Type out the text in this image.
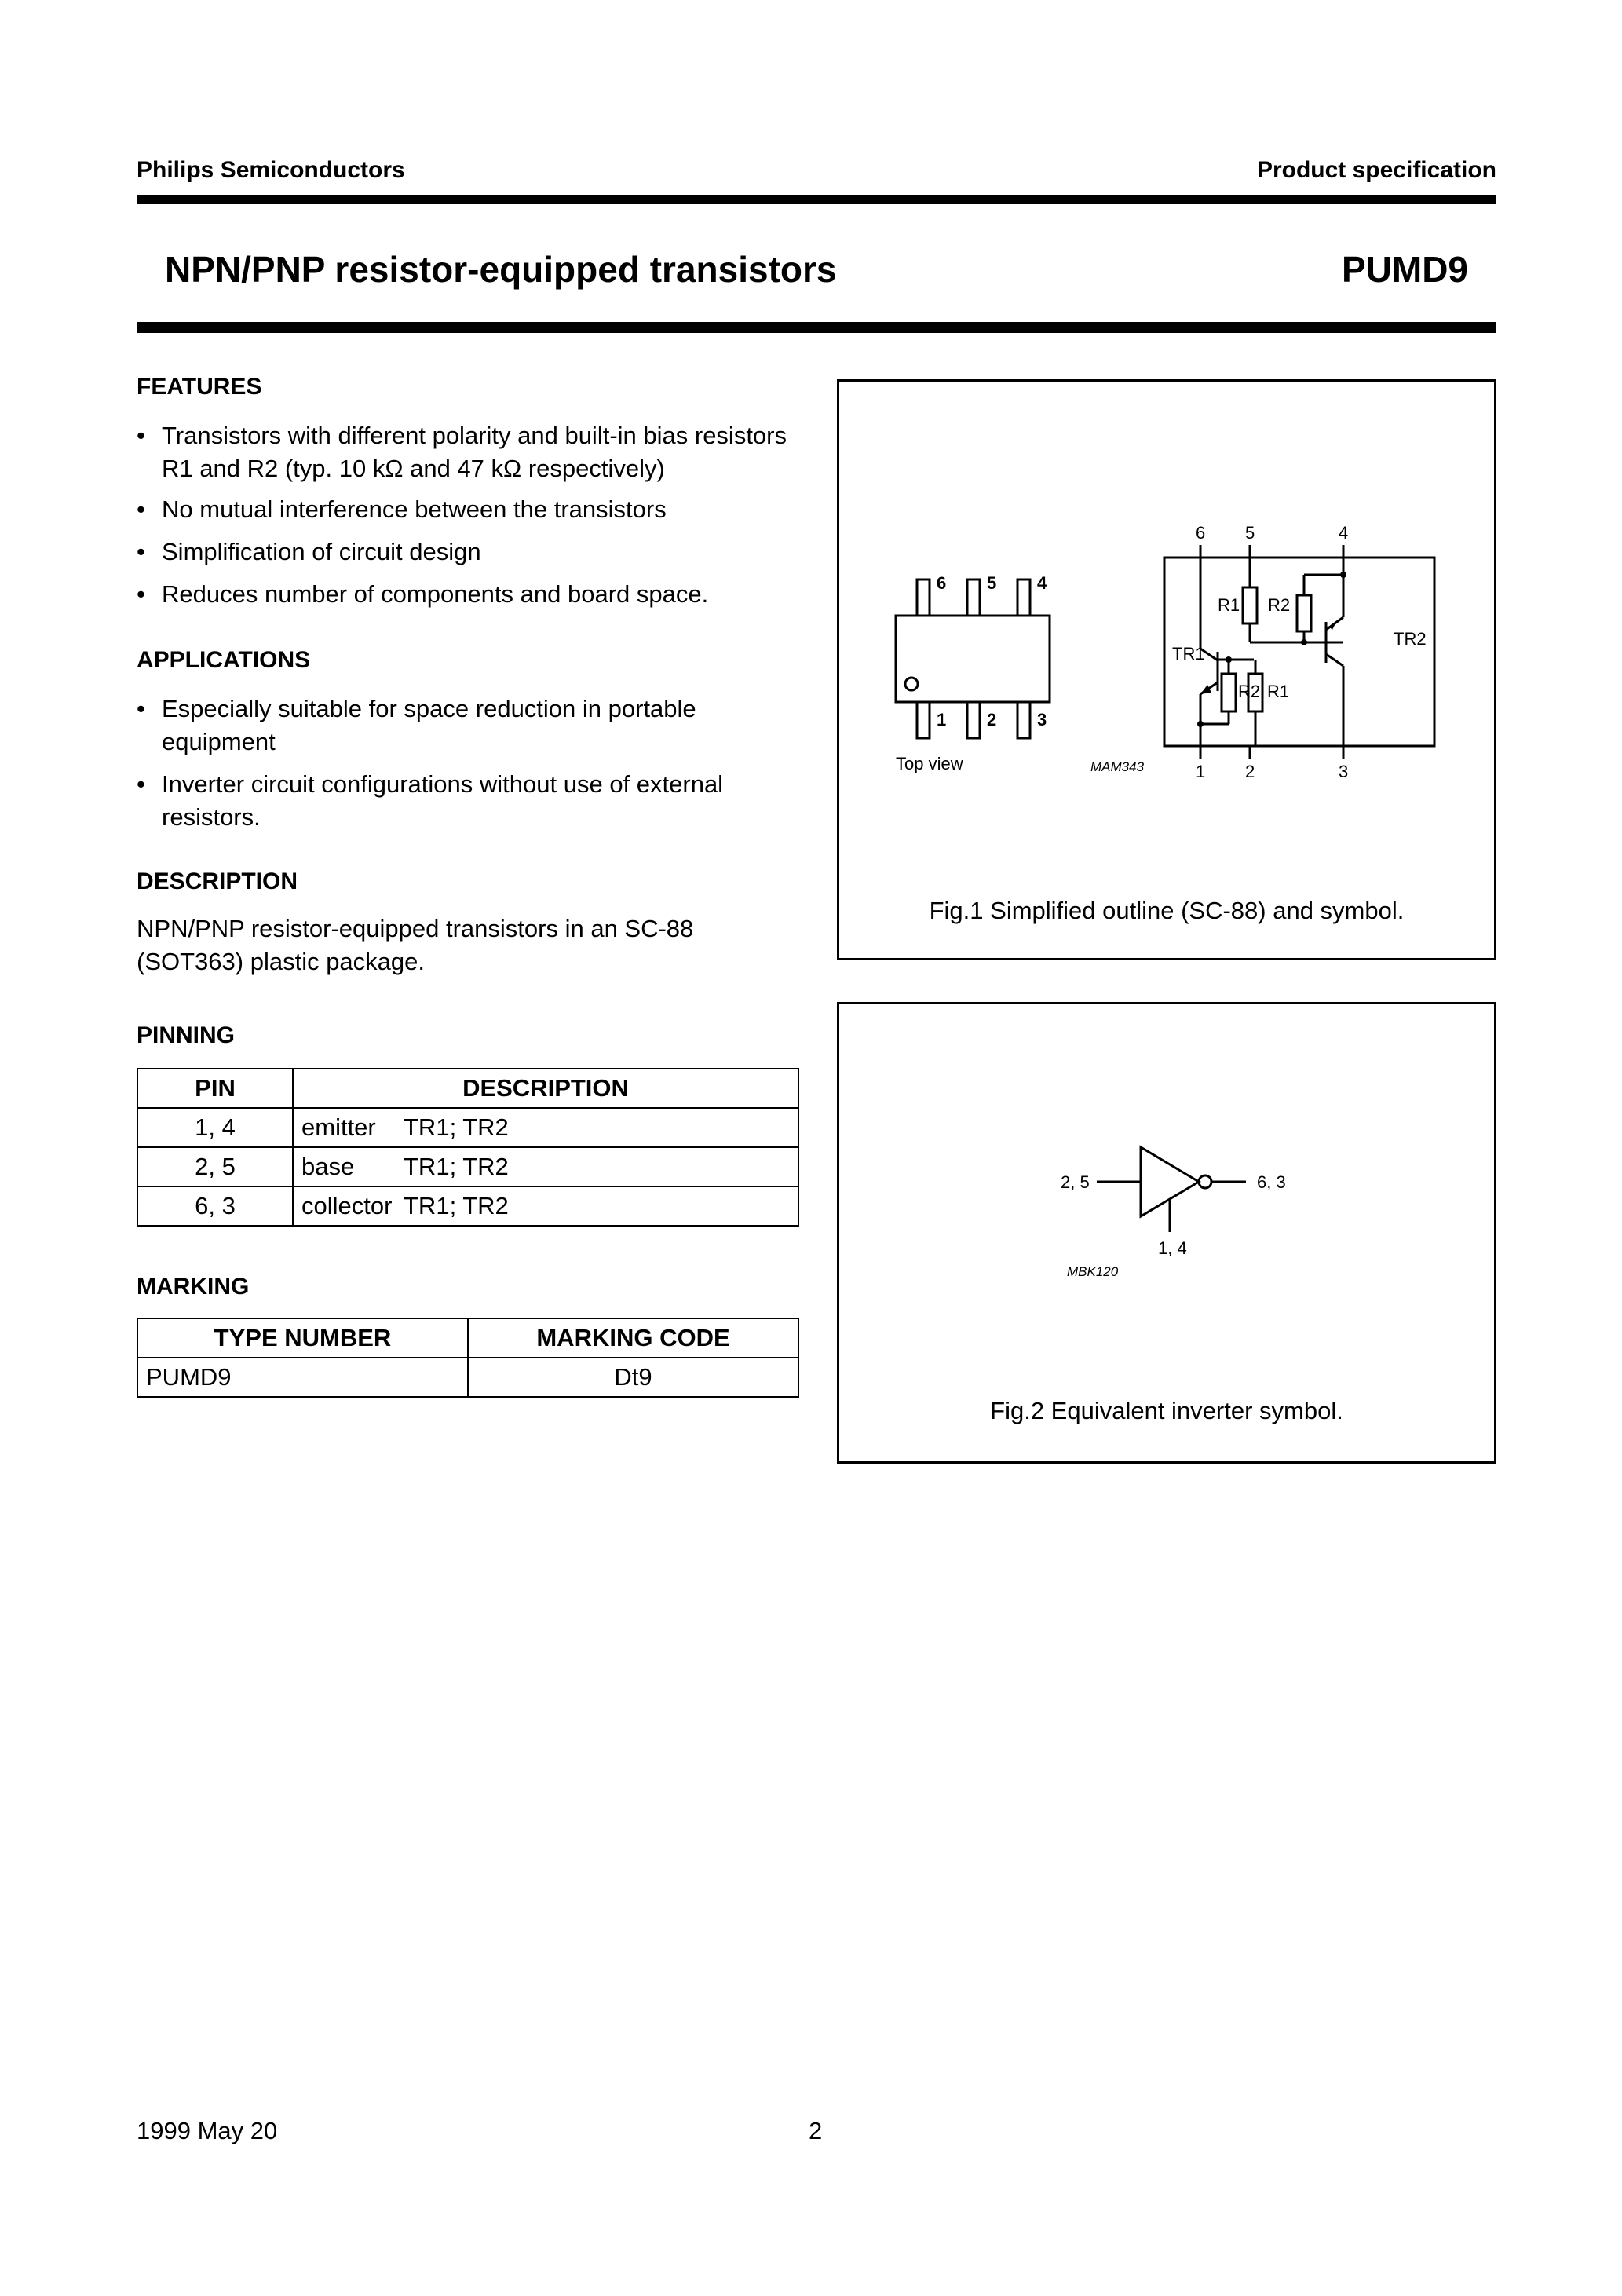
Philips Semiconductors	Product specification
NPN/PNP resistor-equipped transistors	PUMD9
FEATURES
• Transistors with different polarity and built-in bias resistors R1 and R2 (typ. 10 kΩ and 47 kΩ respectively)
• No mutual interference between the transistors
• Simplification of circuit design
• Reduces number of components and board space.
APPLICATIONS
• Especially suitable for space reduction in portable equipment
• Inverter circuit configurations without use of external resistors.
DESCRIPTION
NPN/PNP resistor-equipped transistors in an SC-88 (SOT363) plastic package.
PINNING
PIN	DESCRIPTION
1, 4	emitter TR1; TR2
2, 5	base TR1; TR2
6, 3	collector TR1; TR2
MARKING
TYPE NUMBER	MARKING CODE
PUMD9	Dt9
6 5 4
1 2 3
Top view	MAM343
6 5	4
1 2	3
TR1
TR2
R1 R2
R2 R1
Fig.1 Simplified outline (SC-88) and symbol.
2, 5	6, 3
1, 4
MBK120
Fig.2 Equivalent inverter symbol.
1999 May 20	2
